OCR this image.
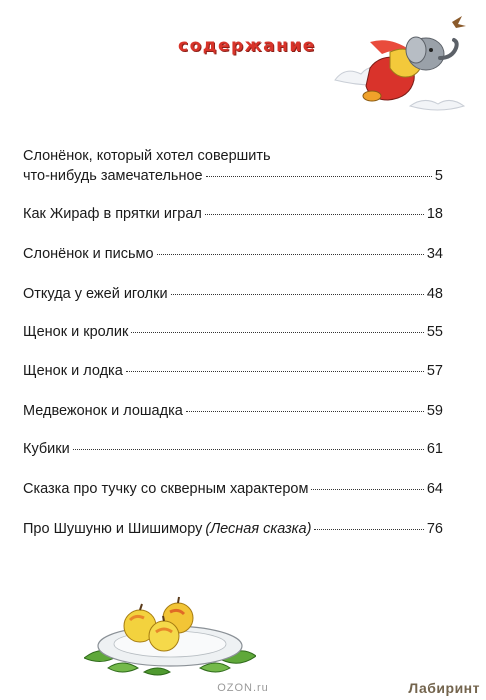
содержание
Слонёнок, который хотел совершить
что-нибудь замечательное	5
Как Жираф в прятки играл	18
Слонёнок и письмо	34
Откуда у ежей иголки	48
Щенок и кролик	55
Щенок и лодка	57
Медвежонок и лошадка	59
Кубики	61
Сказка про тучку со скверным характером	64
Про Шушуню и Шишимору (Лесная сказка)	76
OZON.ru	Лабиринт
